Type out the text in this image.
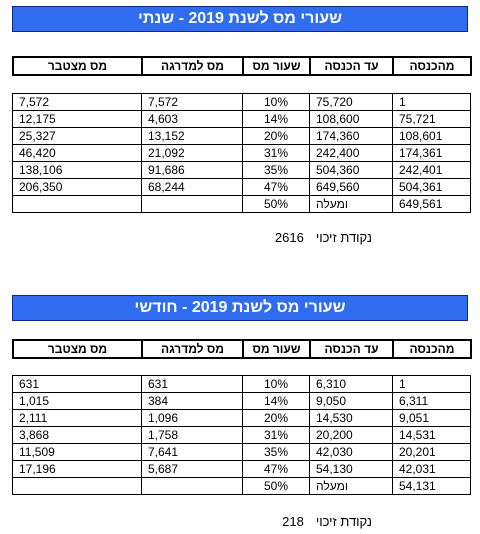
שעורי מס לשנת 2019 - שנתי
מהכנסה	עד הכנסה	שעור מס	מס למדרגה	מס מצטבר
1	75,720	10%	7,572	7,572
75,721	108,600	14%	4,603	12,175
108,601	174,360	20%	13,152	25,327
174,361	242,400	31%	21,092	46,420
242,401	504,360	35%	91,686	138,106
504,361	649,560	47%	68,244	206,350
649,561	ומעלה	50%		
נקודת זיכוי2616
שעורי מס לשנת 2019 - חודשי
מהכנסה	עד הכנסה	שעור מס	מס למדרגה	מס מצטבר
1	6,310	10%	631	631
6,311	9,050	14%	384	1,015
9,051	14,530	20%	1,096	2,111
14,531	20,200	31%	1,758	3,868
20,201	42,030	35%	7,641	11,509
42,031	54,130	47%	5,687	17,196
54,131	ומעלה	50%		
נקודת זיכוי218
